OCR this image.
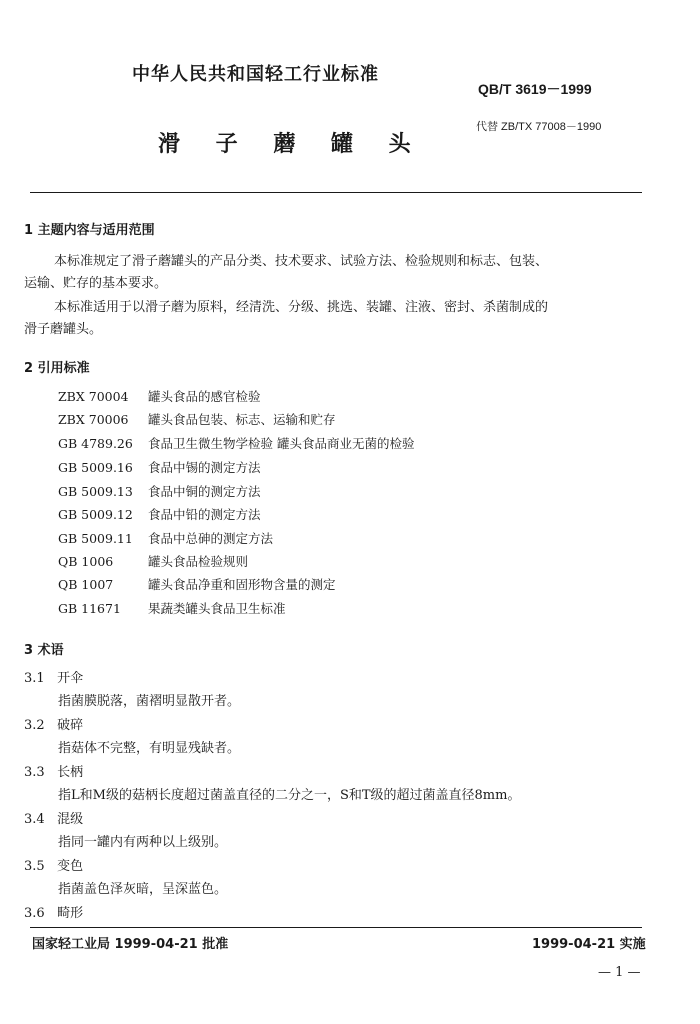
中华人民共和国轻工行业标准
QB/T 3619－1999
滑 子 蘑 罐 头
代替 ZB/TX 77008－1990
1 主题内容与适用范围
本标准规定了滑子蘑罐头的产品分类、技术要求、试验方法、检验规则和标志、包装、
运输、贮存的基本要求。
本标准适用于以滑子蘑为原料，经清洗、分级、挑选、装罐、注液、密封、杀菌制成的
滑子蘑罐头。
2 引用标准
ZBX 70004 罐头食品的感官检验
ZBX 70006 罐头食品包装、标志、运输和贮存
GB 4789.26 食品卫生微生物学检验 罐头食品商业无菌的检验
GB 5009.16 食品中锡的测定方法
GB 5009.13 食品中铜的测定方法
GB 5009.12 食品中铅的测定方法
GB 5009.11 食品中总砷的测定方法
QB 1006	罐头食品检验规则
QB 1007	罐头食品净重和固形物含量的测定
GB 11671 果蔬类罐头食品卫生标准
3 术语
3.1 开伞
指菌膜脱落，菌褶明显散开者。
3.2 破碎
指菇体不完整，有明显残缺者。
3.3 长柄
指L和M级的菇柄长度超过菌盖直径的二分之一，S和T级的超过菌盖直径8mm。
3.4 混级
指同一罐内有两种以上级别。
3.5 变色
指菌盖色泽灰暗，呈深蓝色。
3.6 畸形
国家轻工业局 1999-04-21 批准	1999-04-21 实施
— 1 —
